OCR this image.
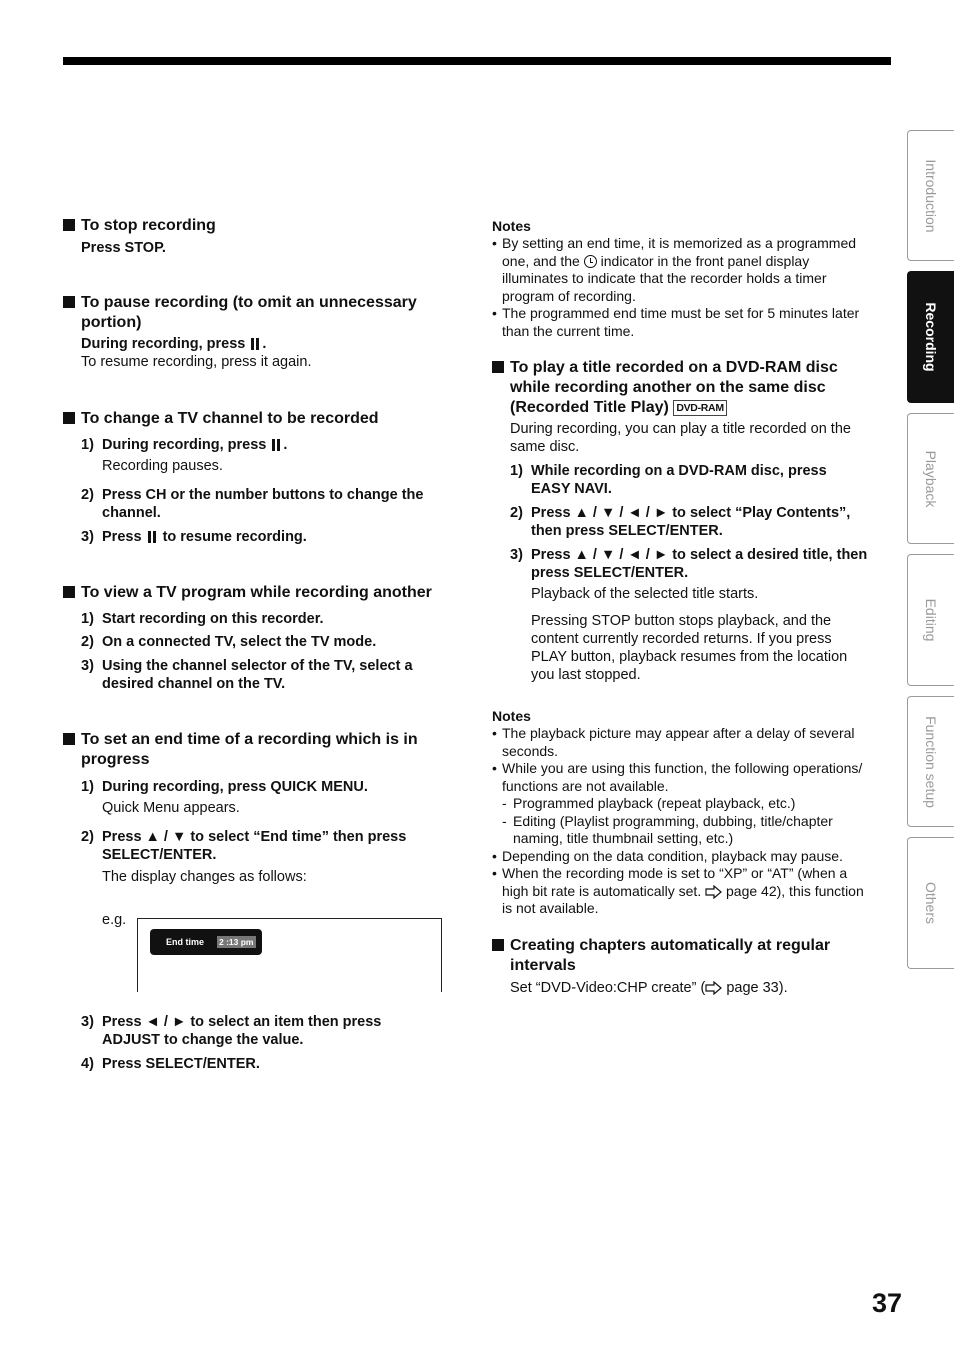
Introduction
Recording
Playback
Editing
Function setup
Others
To stop recording
Press STOP.
To pause recording (to omit an unnecessary
portion)
During recording, press .
To resume recording, press it again.
To change a TV channel to be recorded
1) During recording, press .
Recording pauses.
2) Press CH or the number buttons to change the
channel.
3) Press to resume recording.
To view a TV program while recording another
1) Start recording on this recorder.
2) On a connected TV, select the TV mode.
3) Using the channel selector of the TV, select a
desired channel on the TV.
To set an end time of a recording which is in
progress
1) During recording, press QUICK MENU.
Quick Menu appears.
2) Press ▲ / ▼ to select “End time” then press
SELECT/ENTER.
The display changes as follows:
e.g.
End time 2 :13 pm
3) Press ◄ / ► to select an item then press
ADJUST to change the value.
4) Press SELECT/ENTER.
Notes
• By setting an end time, it is memorized as a programmed
one, and the indicator in the front panel display
illuminates to indicate that the recorder holds a timer
program of recording.
• The programmed end time must be set for 5 minutes later
than the current time.
To play a title recorded on a DVD-RAM disc
while recording another on the same disc
(Recorded Title Play) DVD-RAM
During recording, you can play a title recorded on the
same disc.
1) While recording on a DVD-RAM disc, press
EASY NAVI.
2) Press ▲ / ▼ / ◄ / ► to select “Play Contents”,
then press SELECT/ENTER.
3) Press ▲ / ▼ / ◄ / ► to select a desired title, then
press SELECT/ENTER.
Playback of the selected title starts.
Pressing STOP button stops playback, and the
content currently recorded returns. If you press
PLAY button, playback resumes from the location
you last stopped.
Notes
• The playback picture may appear after a delay of several
seconds.
• While you are using this function, the following operations/
functions are not available.
- Programmed playback (repeat playback, etc.)
- Editing (Playlist programming, dubbing, title/chapter
naming, title thumbnail setting, etc.)
• Depending on the data condition, playback may pause.
• When the recording mode is set to “XP” or “AT” (when a
high bit rate is automatically set. page 42), this function
is not available.
Creating chapters automatically at regular
intervals
Set “DVD-Video:CHP create” ( page 33).
37
